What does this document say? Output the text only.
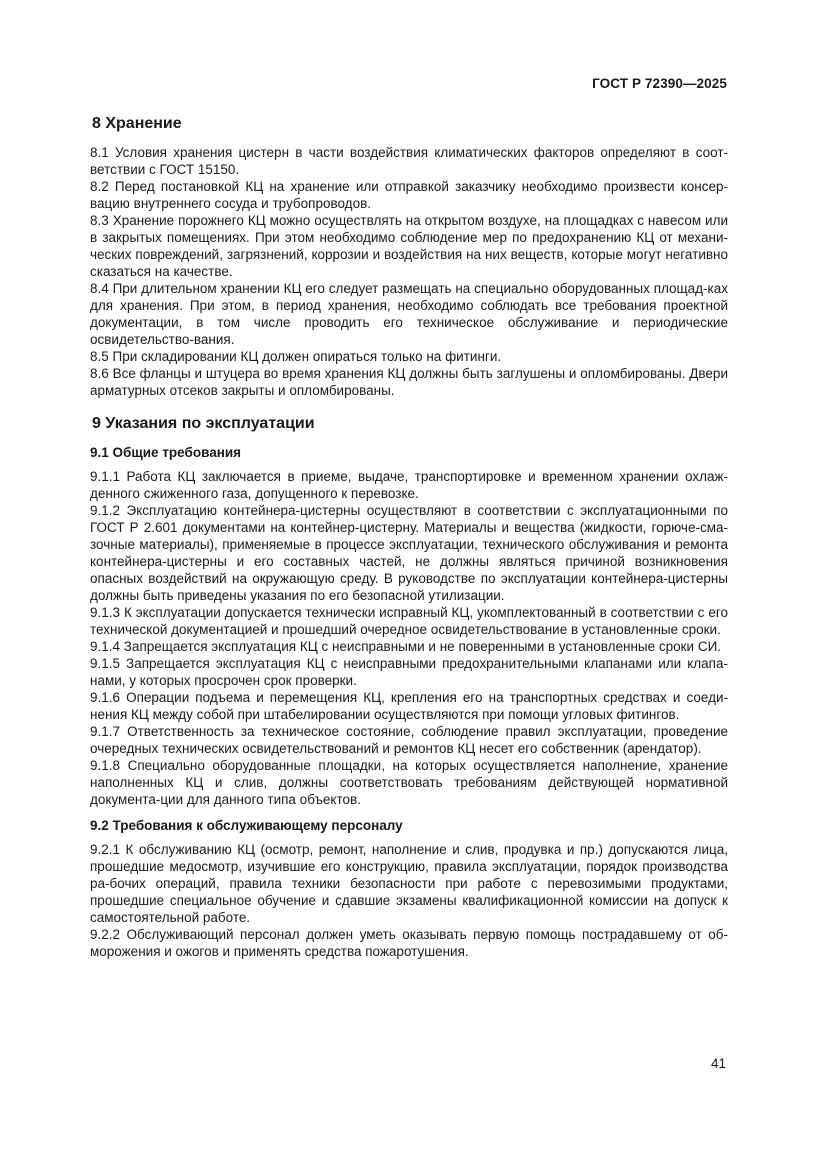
ГОСТ Р 72390—2025
8 Хранение

8.1 Условия хранения цистерн в части воздействия климатических факторов определяют в соот-ветствии с ГОСТ 15150.

8.2 Перед постановкой КЦ на хранение или отправкой заказчику необходимо произвести консер-вацию внутреннего сосуда и трубопроводов.

8.3 Хранение порожнего КЦ можно осуществлять на открытом воздухе, на площадках с навесом или в закрытых помещениях. При этом необходимо соблюдение мер по предохранению КЦ от механи-ческих повреждений, загрязнений, коррозии и воздействия на них веществ, которые могут негативно сказаться на качестве.

8.4 При длительном хранении КЦ его следует размещать на специально оборудованных площад-ках для хранения. При этом, в период хранения, необходимо соблюдать все требования проектной документации, в том числе проводить его техническое обслуживание и периодические освидетельство-вания.

8.5 При складировании КЦ должен опираться только на фитинги.

8.6 Все фланцы и штуцера во время хранения КЦ должны быть заглушены и опломбированы. Двери арматурных отсеков закрыты и опломбированы.

9 Указания по эксплуатации
9.1 Общие требования

9.1.1 Работа КЦ заключается в приеме, выдаче, транспортировке и временном хранении охлаж-денного сжиженного газа, допущенного к перевозке.

9.1.2 Эксплуатацию контейнера-цистерны осуществляют в соответствии с эксплуатационными по ГОСТ Р 2.601 документами на контейнер-цистерну. Материалы и вещества (жидкости, горюче-сма-зочные материалы), применяемые в процессе эксплуатации, технического обслуживания и ремонта контейнера-цистерны и его составных частей, не должны являться причиной возникновения опасных воздействий на окружающую среду. В руководстве по эксплуатации контейнера-цистерны должны быть приведены указания по его безопасной утилизации.

9.1.3 К эксплуатации допускается технически исправный КЦ, укомплектованный в соответствии с его технической документацией и прошедший очередное освидетельствование в установленные сроки.

9.1.4 Запрещается эксплуатация КЦ с неисправными и не поверенными в установленные сроки СИ.

9.1.5 Запрещается эксплуатация КЦ с неисправными предохранительными клапанами или клапа-нами, у которых просрочен срок проверки.

9.1.6 Операции подъема и перемещения КЦ, крепления его на транспортных средствах и соеди-нения КЦ между собой при штабелировании осуществляются при помощи угловых фитингов.

9.1.7 Ответственность за техническое состояние, соблюдение правил эксплуатации, проведение очередных технических освидетельствований и ремонтов КЦ несет его собственник (арендатор).

9.1.8 Специально оборудованные площадки, на которых осуществляется наполнение, хранение наполненных КЦ и слив, должны соответствовать требованиям действующей нормативной документа-ции для данного типа объектов.

9.2 Требования к обслуживающему персоналу

9.2.1 К обслуживанию КЦ (осмотр, ремонт, наполнение и слив, продувка и пр.) допускаются лица, прошедшие медосмотр, изучившие его конструкцию, правила эксплуатации, порядок производства ра-бочих операций, правила техники безопасности при работе с перевозимыми продуктами, прошедшие специальное обучение и сдавшие экзамены квалификационной комиссии на допуск к самостоятельной работе.

9.2.2 Обслуживающий персонал должен уметь оказывать первую помощь пострадавшему от об-морожения и ожогов и применять средства пожаротушения.

41
